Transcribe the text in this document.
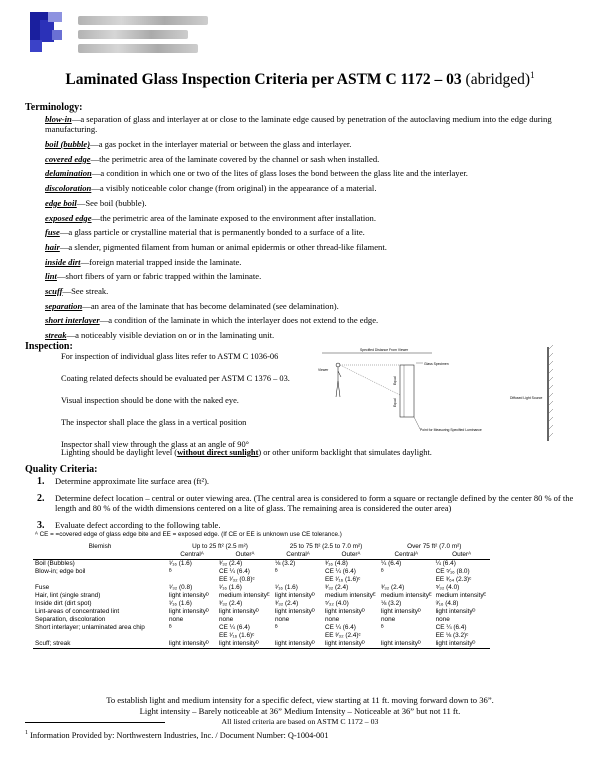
Laminated Glass Inspection Criteria per ASTM C 1172 – 03 (abridged)$^1$
Terminology:

blow-in—a separation of glass and interlayer at or close to the laminate edge caused by penetration of the autoclaving medium into the edge during manufacturing.

boil (bubble)—a gas pocket in the interlayer material or between the glass and interlayer.

covered edge—the perimetric area of the laminate covered by the channel or sash when installed.

delamination—a condition in which one or two of the lites of glass loses the bond between the glass lite and the interlayer.

discoloration—a visibly noticeable color change (from original) in the appearance of a material.

edge boil—See boil (bubble).

exposed edge—the perimetric area of the laminate exposed to the environment after installation.

fuse—a glass particle or crystalline material that is permanently bonded to a surface of a lite.

hair—a slender, pigmented filament from human or animal epidermis or other thread-like filament.

inside dirt—foreign material trapped inside the laminate.

lint—short fibers of yarn or fabric trapped within the laminate.

scuff—See streak.

separation—an area of the laminate that has become delaminated (see delamination).

short interlayer—a condition of the laminate in which the interlayer does not extend to the edge.

streak—a noticeably visible deviation on or in the laminating unit.

Inspection:

For inspection of individual glass lites refer to ASTM C 1036-06

Coating related defects should be evaluated per ASTM C 1376 – 03.

Visual inspection should be done with the naked eye.

The inspector shall place the glass in a vertical position

Inspector shall view through the glass at an angle of 90°

Lighting should be daylight level (without direct sunlight) or other uniform backlight that simulates daylight.
Specified Distance From Viewer
Viewer
Equal
Equal
Glass Specimen
Point for Measuring Specified Luminance
Diffused Light Source
Quality Criteria:
1. Determine approximate lite surface area (ft²).
2. Determine defect location – central or outer viewing area. (The central area is considered to form a square or rectangle defined by the center 80 % of the length and 80 % of the width dimensions centered on a lite of glass. The remaining area is considered the outer area)
3. Evaluate defect according to the following table.
ᴬ CE = =covered edge of glass edge bite and EE = exposed edge. (If CE or EE is unknown use CE tolerance.)
Blemish	Up to 25 ft² (2.5 m²)		25 to 75 ft² (2.5 to 7.0 m²)		Over 75 ft² (7.0 m²)	
	Centralᴬ	Outerᴬ	Centralᴬ	Outerᴬ	Centralᴬ	Outerᴬ
Boil (Bubbles)	¹⁄₁₆ (1.6)	³⁄₃₂ (2.4)	⅛ (3.2)	³⁄₁₆ (4.8)	¼ (6.4)	¼ (6.4)
Blow-in; edge boil	ᴮ	CE ¼ (6.4)	ᴮ	CE ¼ (6.4)	ᴮ	CE ⁵⁄₁₆ (8.0)
		EE ¹⁄₃₂ (0.8)ᶜ		EE ¹⁄₁₆ (1.6)ᶜ		EE ³⁄₆₄ (2.3)ᶜ
Fuse	¹⁄₃₂ (0.8)	¹⁄₁₆ (1.6)	¹⁄₁₆ (1.6)	³⁄₃₂ (2.4)	³⁄₃₂ (2.4)	⁵⁄₃₂ (4.0)
Hair, lint (single strand)	light intensityᴰ	medium intensityᴱ	light intensityᴰ	medium intensityᴱ	medium intensityᴱ	medium intensityᴱ
Inside dirt (dirt spot)	¹⁄₁₆ (1.6)	³⁄₃₂ (2.4)	³⁄₃₂ (2.4)	⁵⁄₃₂ (4.0)	⅛ (3.2)	³⁄₁₆ (4.8)
Lint-areas of concentrated lint	light intensityᴰ	light intensityᴰ	light intensityᴰ	light intensityᴰ	light intensityᴰ	light intensityᴰ
Separation, discoloration	none	none	none	none	none	none
Short interlayer; unlaminated area chip	ᴮ	CE ¼ (6.4)	ᴮ	CE ¼ (6.4)	ᴮ	CE ¼ (6.4)
		EE ¹⁄₁₆ (1.6)ᶜ		EE ³⁄₃₂ (2.4)ᶜ		EE ⅛ (3.2)ᶜ
Scuff; streak	light intensityᴰ	light intensityᴰ	light intensityᴰ	light intensityᴰ	light intensityᴰ	light intensityᴰ
To establish light and medium intensity for a specific defect, view starting at 11 ft. moving forward down to 36”.
Light intensity – Barely noticeable at 36” Medium Intensity – Noticeable at 36” but not 11 ft.
All listed criteria are based on ASTM C 1172 – 03
$^1$ Information Provided by: Northwestern Industries, Inc. / Document Number: Q-1004-001
